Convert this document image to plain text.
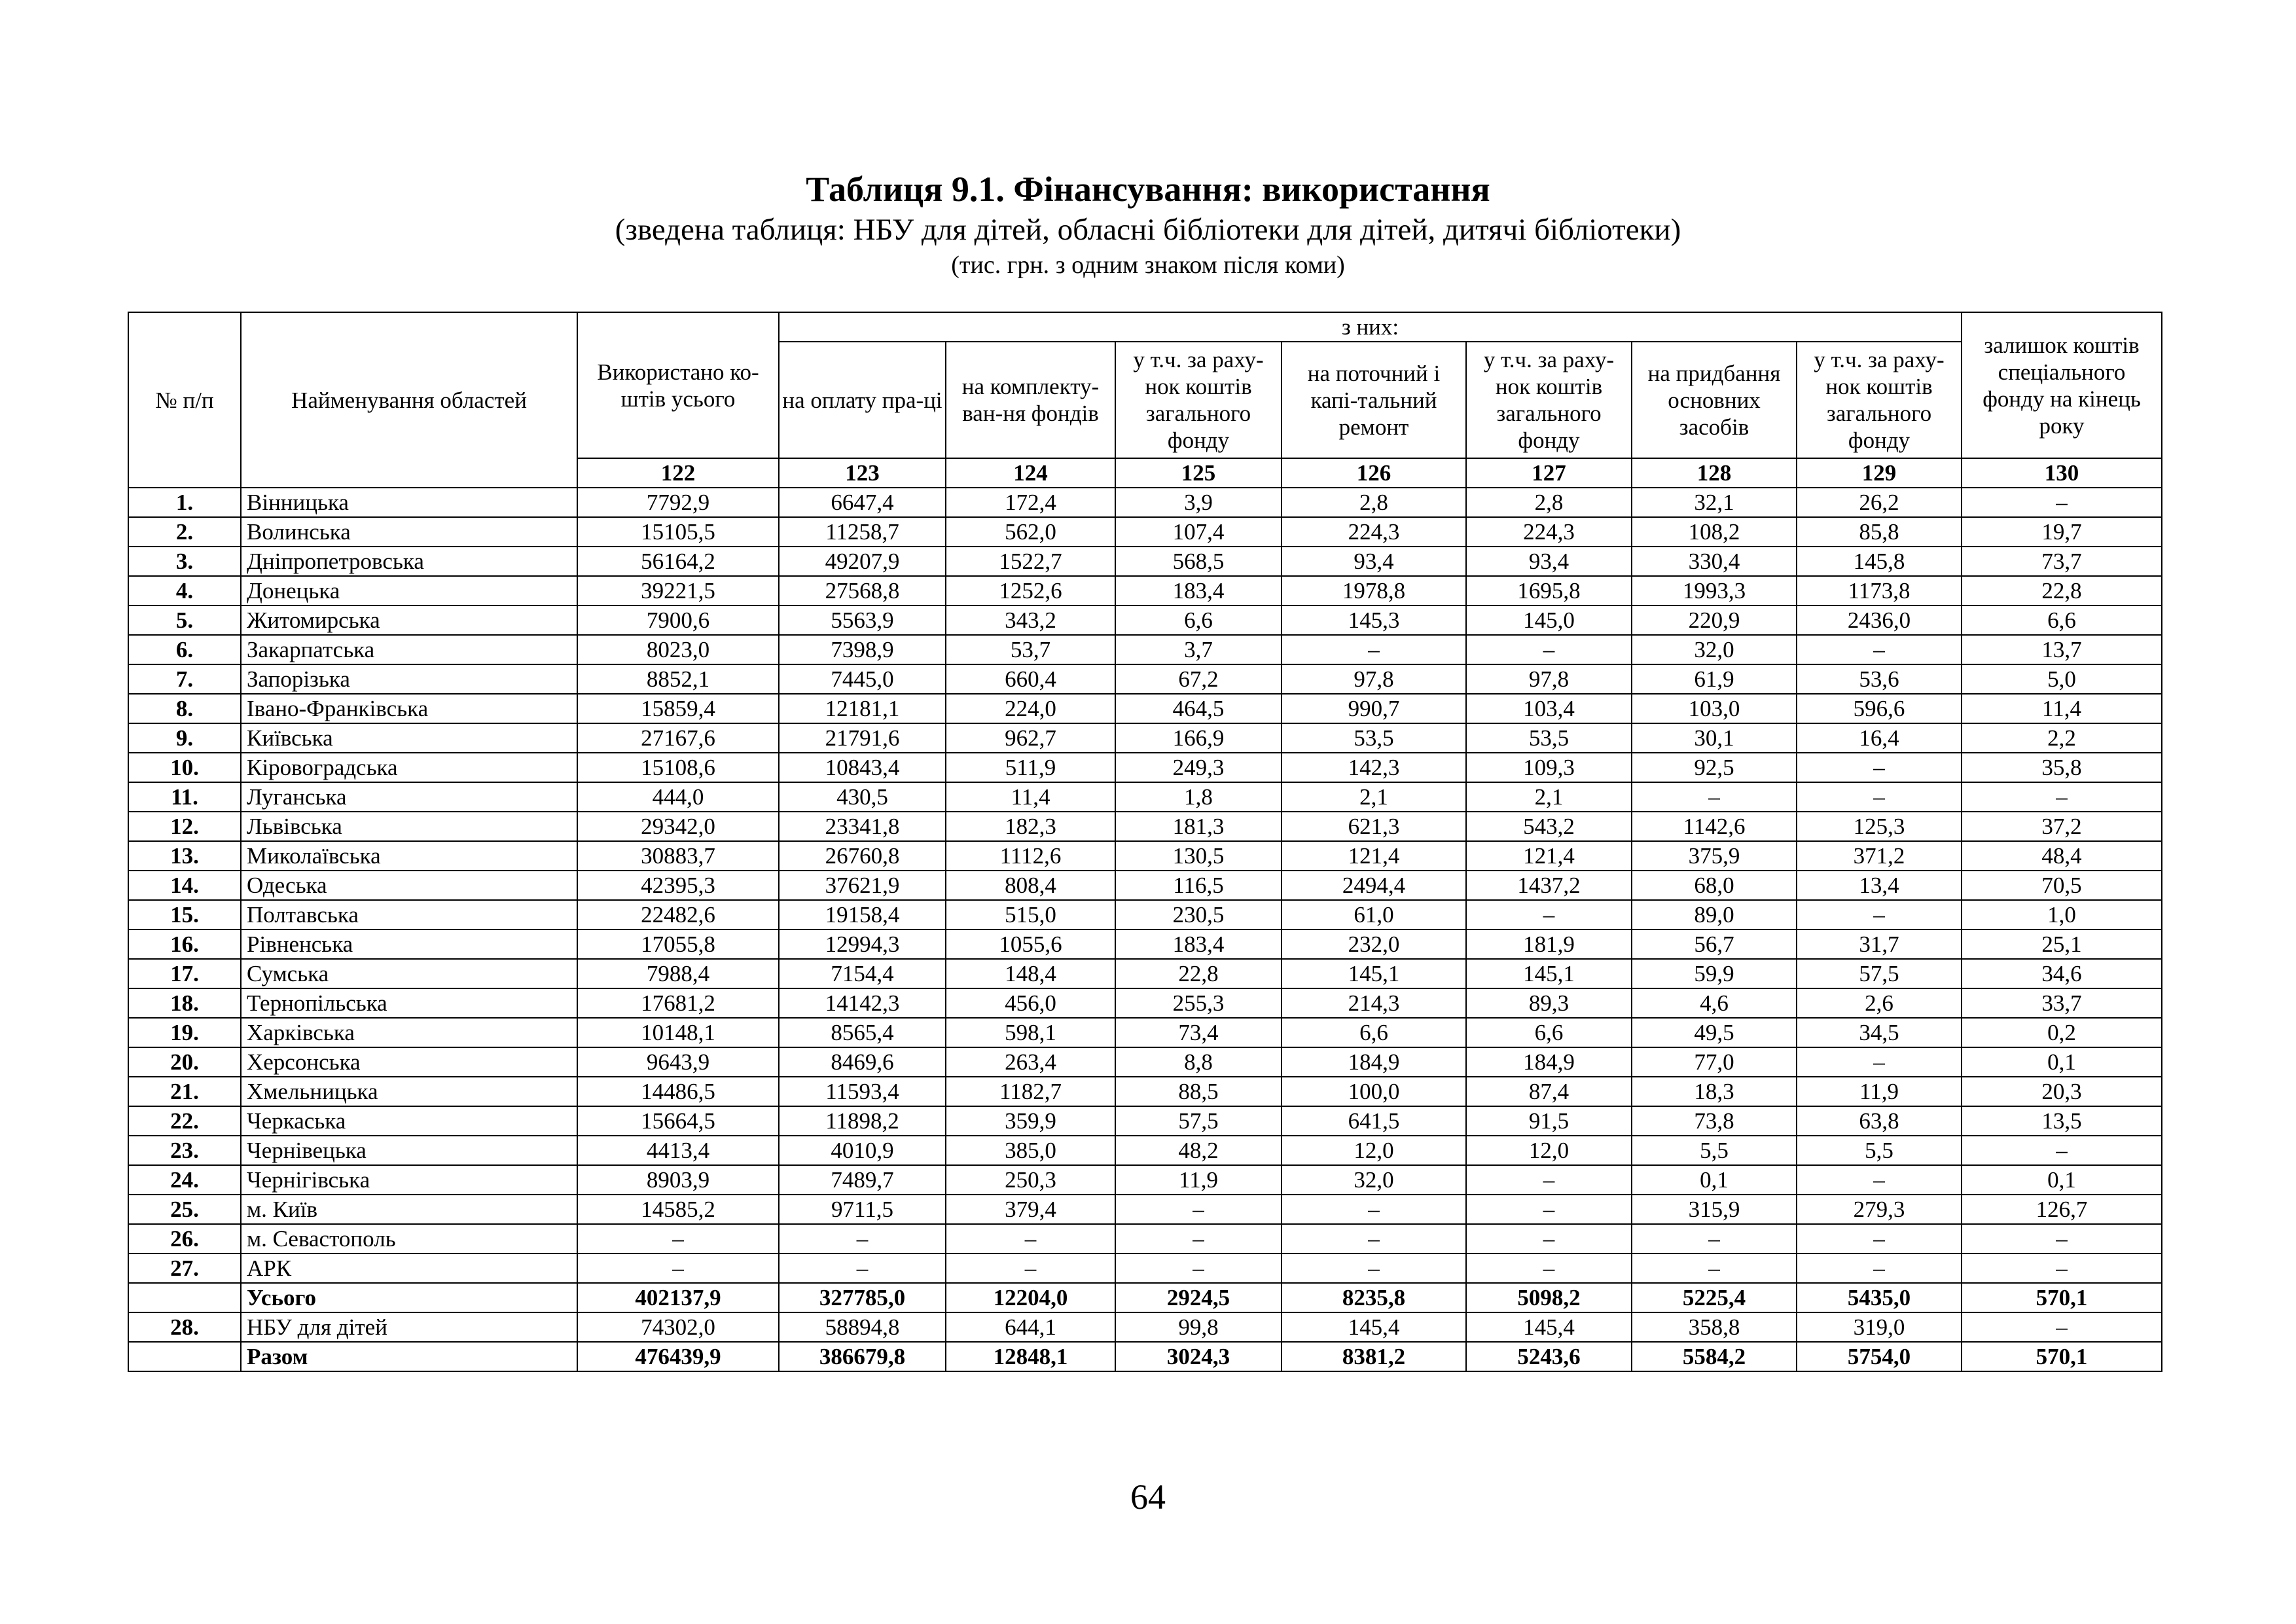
Таблиця 9.1. Фінансування: використання
(зведена таблиця: НБУ для дітей, обласні бібліотеки для дітей, дитячі бібліотеки)
(тис. грн. з одним знаком після коми)
№ п/п	Найменування областей	Використано ко-штів усього	з них:							залишок коштів спеціального фонду на кінець року
			на оплату пра-ці	на комплекту-ван-ня фондів	у т.ч. за раху-нок коштів загального фонду	на поточний і капі-тальний ремонт	у т.ч. за раху-нок коштів загального фонду	на придбання основних засобів	у т.ч. за раху-нок коштів загального фонду	
		122	123	124	125	126	127	128	129	130
1.	Вінницька	7792,9	6647,4	172,4	3,9	2,8	2,8	32,1	26,2	–
2.	Волинська	15105,5	11258,7	562,0	107,4	224,3	224,3	108,2	85,8	19,7
3.	Дніпропетровська	56164,2	49207,9	1522,7	568,5	93,4	93,4	330,4	145,8	73,7
4.	Донецька	39221,5	27568,8	1252,6	183,4	1978,8	1695,8	1993,3	1173,8	22,8
5.	Житомирська	7900,6	5563,9	343,2	6,6	145,3	145,0	220,9	2436,0	6,6
6.	Закарпатська	8023,0	7398,9	53,7	3,7	–	–	32,0	–	13,7
7.	Запорізька	8852,1	7445,0	660,4	67,2	97,8	97,8	61,9	53,6	5,0
8.	Івано-Франківська	15859,4	12181,1	224,0	464,5	990,7	103,4	103,0	596,6	11,4
9.	Київська	27167,6	21791,6	962,7	166,9	53,5	53,5	30,1	16,4	2,2
10.	Кіровоградська	15108,6	10843,4	511,9	249,3	142,3	109,3	92,5	–	35,8
11.	Луганська	444,0	430,5	11,4	1,8	2,1	2,1	–	–	–
12.	Львівська	29342,0	23341,8	182,3	181,3	621,3	543,2	1142,6	125,3	37,2
13.	Миколаївська	30883,7	26760,8	1112,6	130,5	121,4	121,4	375,9	371,2	48,4
14.	Одеська	42395,3	37621,9	808,4	116,5	2494,4	1437,2	68,0	13,4	70,5
15.	Полтавська	22482,6	19158,4	515,0	230,5	61,0	–	89,0	–	1,0
16.	Рівненська	17055,8	12994,3	1055,6	183,4	232,0	181,9	56,7	31,7	25,1
17.	Сумська	7988,4	7154,4	148,4	22,8	145,1	145,1	59,9	57,5	34,6
18.	Тернопільська	17681,2	14142,3	456,0	255,3	214,3	89,3	4,6	2,6	33,7
19.	Харківська	10148,1	8565,4	598,1	73,4	6,6	6,6	49,5	34,5	0,2
20.	Херсонська	9643,9	8469,6	263,4	8,8	184,9	184,9	77,0	–	0,1
21.	Хмельницька	14486,5	11593,4	1182,7	88,5	100,0	87,4	18,3	11,9	20,3
22.	Черкаська	15664,5	11898,2	359,9	57,5	641,5	91,5	73,8	63,8	13,5
23.	Чернівецька	4413,4	4010,9	385,0	48,2	12,0	12,0	5,5	5,5	–
24.	Чернігівська	8903,9	7489,7	250,3	11,9	32,0	–	0,1	–	0,1
25.	м. Київ	14585,2	9711,5	379,4	–	–	–	315,9	279,3	126,7
26.	м. Севастополь	–	–	–	–	–	–	–	–	–
27.	АРК	–	–	–	–	–	–	–	–	–
	Усього	402137,9	327785,0	12204,0	2924,5	8235,8	5098,2	5225,4	5435,0	570,1
28.	НБУ для дітей	74302,0	58894,8	644,1	99,8	145,4	145,4	358,8	319,0	–
	Разом	476439,9	386679,8	12848,1	3024,3	8381,2	5243,6	5584,2	5754,0	570,1
64
